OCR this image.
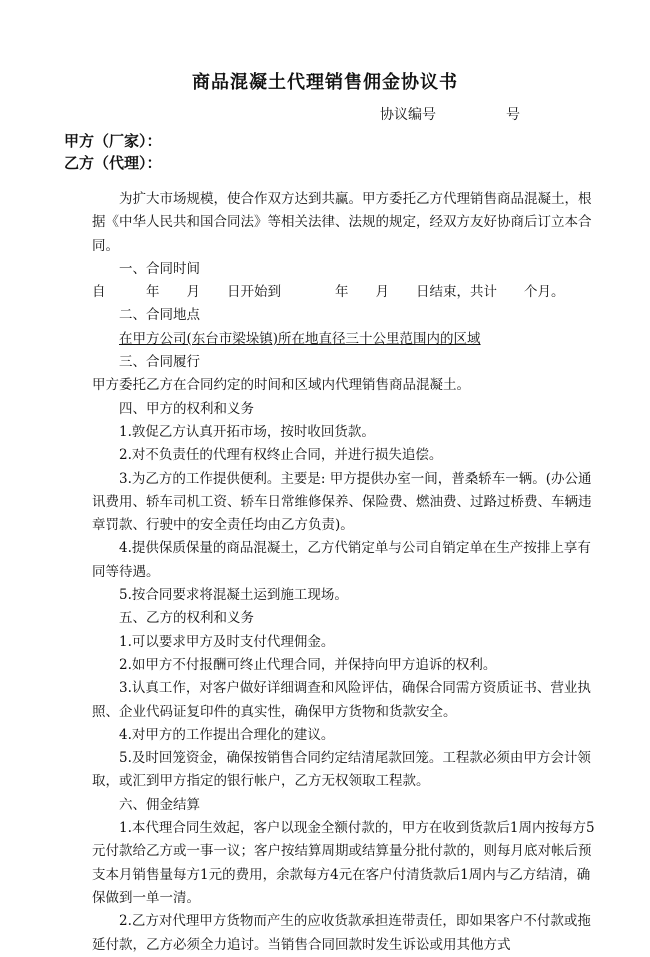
商品混凝土代理销售佣金协议书
协议编号　　　　　	号
甲方（厂家）：
乙方（代理）：

为扩大市场规模，使合作双方达到共赢。甲方委托乙方代理销售商品混凝土，根据《中华人民共和国合同法》等相关法律、法规的规定，经双方友好协商后订立本合同。

一、合同时间

自　　　年　　月　　日开始到　　　　年　　月　　日结束，共计　　个月。

二、合同地点

在甲方公司(东台市梁垛镇)所在地直径三十公里范围内的区域

三、合同履行

甲方委托乙方在合同约定的时间和区域内代理销售商品混凝土。

四、甲方的权利和义务

1.敦促乙方认真开拓市场，按时收回货款。

2.对不负责任的代理有权终止合同，并进行损失追偿。

3.为乙方的工作提供便利。主要是: 甲方提供办室一间，普桑轿车一辆。(办公通讯费用、轿车司机工资、轿车日常维修保养、保险费、燃油费、过路过桥费、车辆违章罚款、行驶中的安全责任均由乙方负责)。

4.提供保质保量的商品混凝土，乙方代销定单与公司自销定单在生产按排上享有同等待遇。

5.按合同要求将混凝土运到施工现场。

五、乙方的权利和义务

1.可以要求甲方及时支付代理佣金。

2.如甲方不付报酬可终止代理合同，并保持向甲方追诉的权利。

3.认真工作，对客户做好详细调查和风险评估，确保合同需方资质证书、营业执照、企业代码证复印件的真实性，确保甲方货物和货款安全。

4.对甲方的工作提出合理化的建议。

5.及时回笼资金，确保按销售合同约定结清尾款回笼。工程款必须由甲方会计领取，或汇到甲方指定的银行帐户，乙方无权领取工程款。

六、佣金结算

1.本代理合同生效起，客户以现金全额付款的，甲方在收到货款后1周内按每方5元付款给乙方或一事一议；客户按结算周期或结算量分批付款的，则每月底对帐后预支本月销售量每方1元的费用，余款每方4元在客户付清货款后1周内与乙方结清，确保做到一单一清。

2.乙方对代理甲方货物而产生的应收货款承担连带责任，即如果客户不付款或拖延付款，乙方必须全力追讨。当销售合同回款时发生诉讼或用其他方式
